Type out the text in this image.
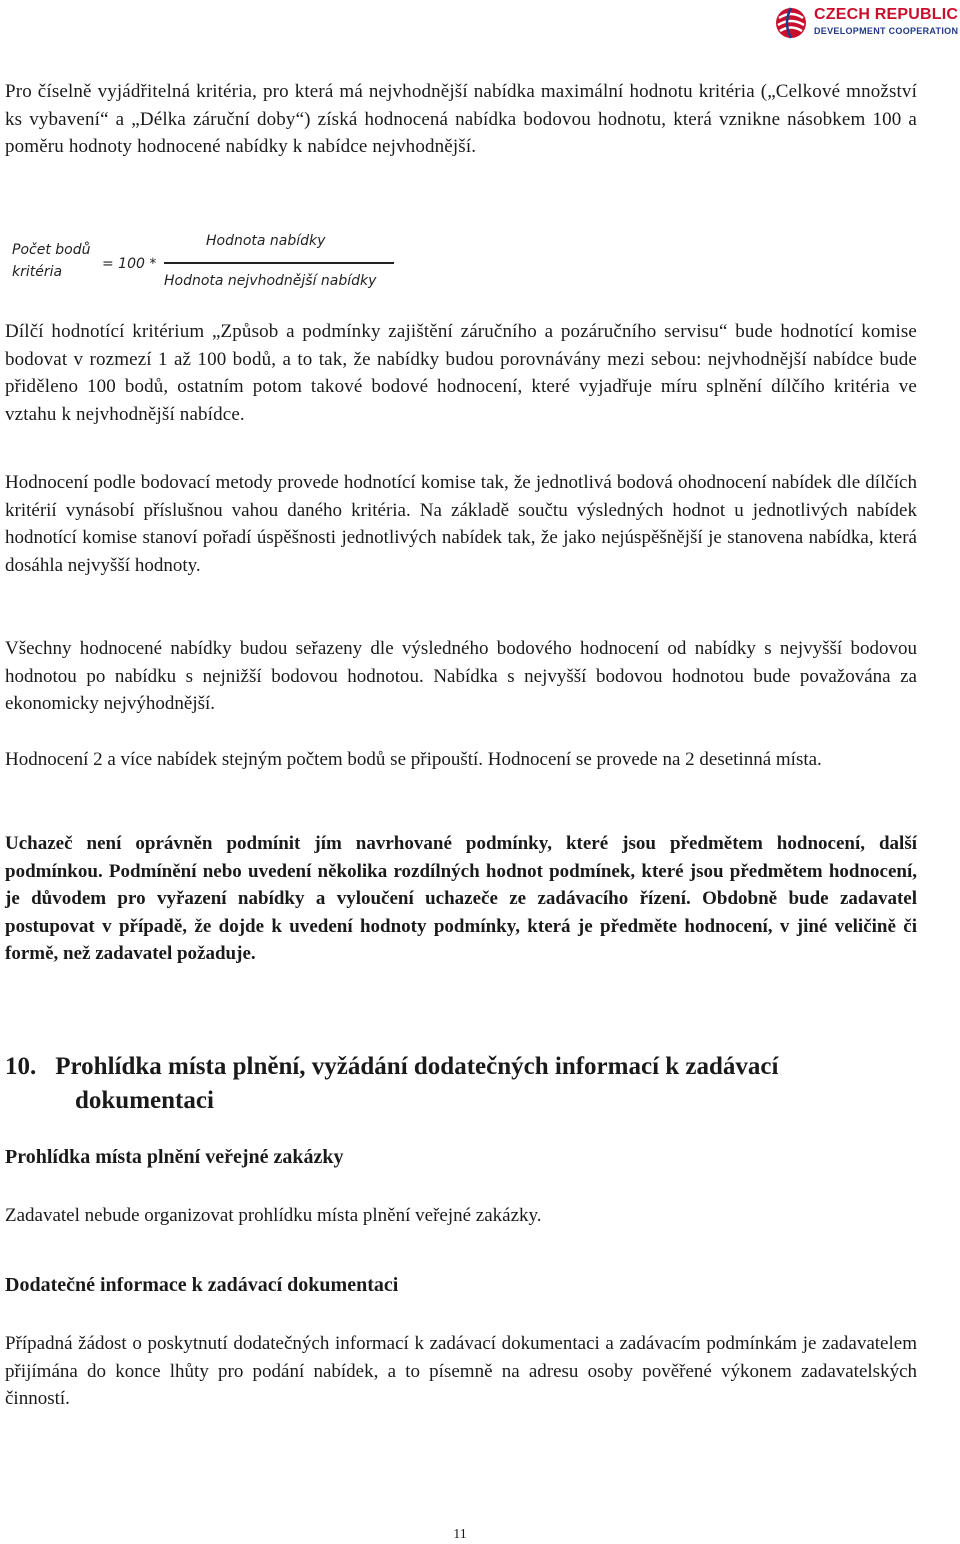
CZECH REPUBLIC
DEVELOPMENT COOPERATION

Pro číselně vyjádřitelná kritéria, pro která má nejvhodnější nabídka maximální hodnotu kritéria („Celkové množství ks vybavení“ a „Délka záruční doby“) získá hodnocená nabídka bodovou hodnotu, která vznikne násobkem 100 a poměru hodnoty hodnocené nabídky k nabídce nejvhodnější.

Počet bodů
kritéria	= 100 *
Hodnota nabídky
Hodnota nejvhodnější nabídky

Dílčí hodnotící kritérium „Způsob a podmínky zajištění záručního a pozáručního servisu“ bude hodnotící komise bodovat v rozmezí 1 až 100 bodů, a to tak, že nabídky budou porovnávány mezi sebou: nejvhodnější nabídce bude přiděleno 100 bodů, ostatním potom takové bodové hodnocení, které vyjadřuje míru splnění dílčího kritéria ve vztahu k nejvhodnější nabídce.

Hodnocení podle bodovací metody provede hodnotící komise tak, že jednotlivá bodová ohodnocení nabídek dle dílčích kritérií vynásobí příslušnou vahou daného kritéria. Na základě součtu výsledných hodnot u jednotlivých nabídek hodnotící komise stanoví pořadí úspěšnosti jednotlivých nabídek tak, že jako nejúspěšnější je stanovena nabídka, která dosáhla nejvyšší hodnoty.

Všechny hodnocené nabídky budou seřazeny dle výsledného bodového hodnocení od nabídky s nejvyšší bodovou hodnotou po nabídku s nejnižší bodovou hodnotou. Nabídka s nejvyšší bodovou hodnotou bude považována za ekonomicky nejvýhodnější.

Hodnocení 2 a více nabídek stejným počtem bodů se připouští. Hodnocení se provede na 2 desetinná místa.

Uchazeč není oprávněn podmínit jím navrhované podmínky, které jsou předmětem hodnocení, další podmínkou. Podmínění nebo uvedení několika rozdílných hodnot podmínek, které jsou předmětem hodnocení, je důvodem pro vyřazení nabídky a vyloučení uchazeče ze zadávacího řízení. Obdobně bude zadavatel postupovat v případě, že dojde k uvedení hodnoty podmínky, která je předměte hodnocení, v jiné veličině či formě, než zadavatel požaduje.

10. Prohlídka místa plnění, vyžádání dodatečných informací k zadávací
dokumentaci
Prohlídka místa plnění veřejné zakázky

Zadavatel nebude organizovat prohlídku místa plnění veřejné zakázky.

Dodatečné informace k zadávací dokumentaci

Případná žádost o poskytnutí dodatečných informací k zadávací dokumentaci a zadávacím podmínkám je zadavatelem přijímána do konce lhůty pro podání nabídek, a to písemně na adresu osoby pověřené výkonem zadavatelských činností.

11
